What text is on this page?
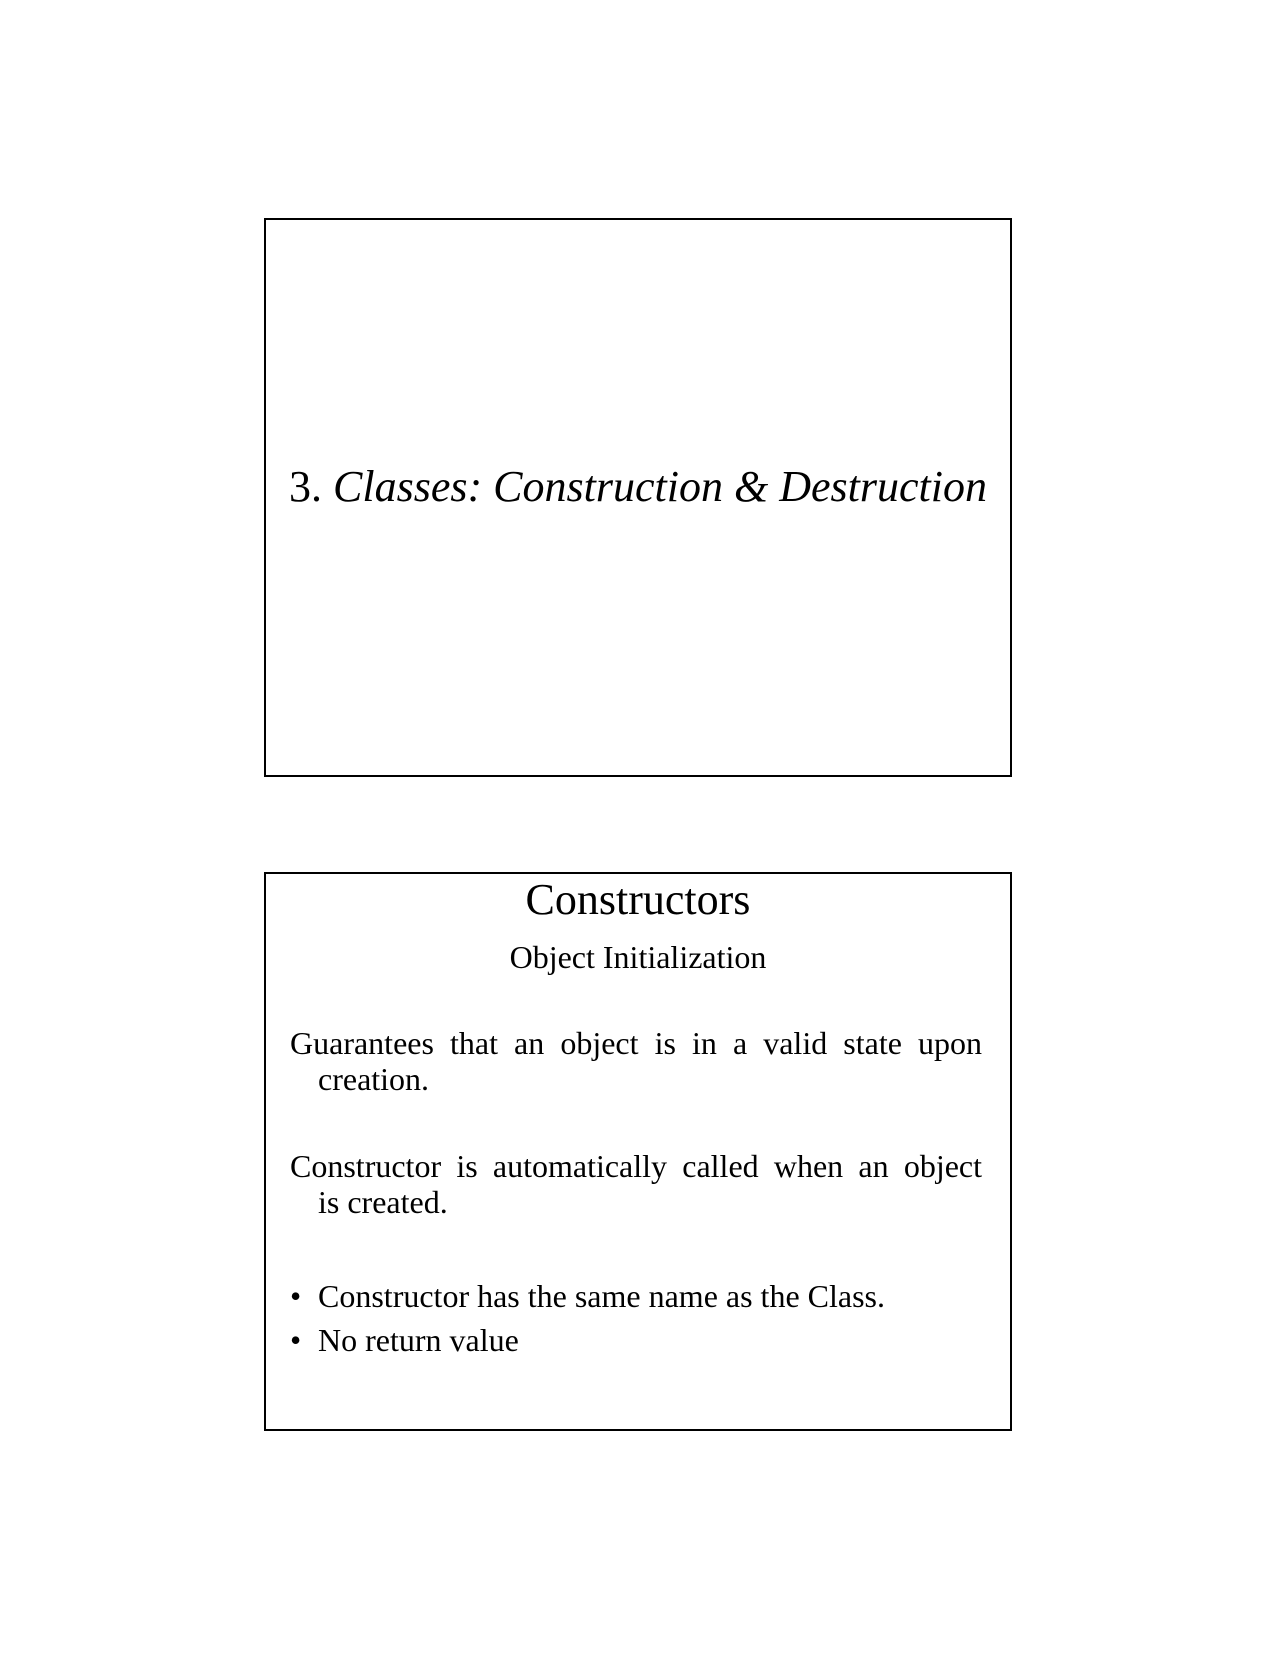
3. Classes: Construction & Destruction
Constructors
Object Initialization
Guarantees that an object is in a valid state upon
creation.
Constructor is automatically called when an object
is created.
• Constructor has the same name as the Class.
• No return value
